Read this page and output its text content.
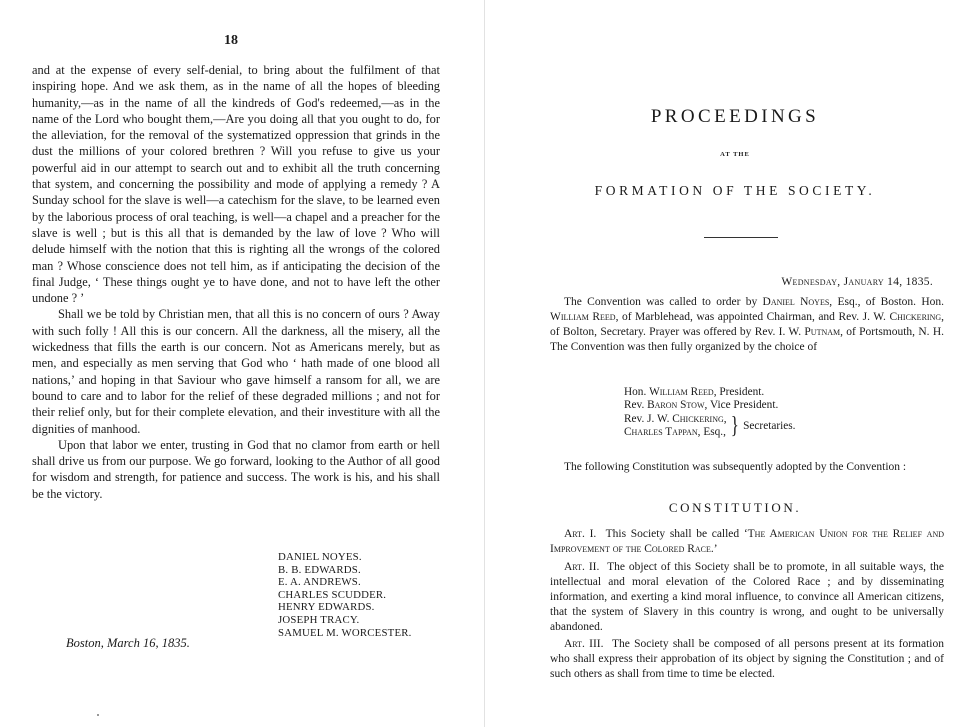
18

and at the expense of every self-denial, to bring about the fulfilment of that inspiring hope. And we ask them, as in the name of all the hopes of bleeding humanity,—as in the name of all the kindreds of God's redeemed,—as in the name of the Lord who bought them,—Are you doing all that you ought to do, for the alleviation, for the removal of the systematized oppression that grinds in the dust the millions of your colored brethren ? Will you refuse to give us your powerful aid in our attempt to search out and to exhibit all the truth concerning that system, and concerning the possibility and mode of applying a remedy ? A Sunday school for the slave is well—a catechism for the slave, to be learned even by the laborious process of oral teaching, is well—a chapel and a preacher for the slave is well ; but is this all that is demanded by the law of love ? Who will delude himself with the notion that this is righting all the wrongs of the colored man ? Whose conscience does not tell him, as if anticipating the decision of the final Judge, ‘ These things ought ye to have done, and not to have left the other undone ? ’

Shall we be told by Christian men, that all this is no concern of ours ? Away with such folly ! All this is our concern. All the darkness, all the misery, all the wickedness that fills the earth is our concern. Not as Americans merely, but as men, and especially as men serving that God who ‘ hath made of one blood all nations,’ and hoping in that Saviour who gave himself a ransom for all, we are bound to care and to labor for the relief of these degraded millions ; and not for their relief only, but for their complete elevation, and their investiture with all the dignities of manhood.

Upon that labor we enter, trusting in God that no clamor from earth or hell shall drive us from our purpose. We go forward, looking to the Author of all good for wisdom and strength, for patience and success. The work is his, and his shall be the victory.

DANIEL NOYES.
B. B. EDWARDS.
E. A. ANDREWS.
CHARLES SCUDDER.
HENRY EDWARDS.
JOSEPH TRACY.
SAMUEL M. WORCESTER.
Boston, March 16, 1835.
PROCEEDINGS
AT THE
FORMATION OF THE SOCIETY.
Wednesday, January 14, 1835.

The Convention was called to order by Daniel Noyes, Esq., of Boston. Hon. William Reed, of Marblehead, was appointed Chairman, and Rev. J. W. Chickering, of Bolton, Secretary. Prayer was offered by Rev. I. W. Putnam, of Portsmouth, N. H. The Convention was then fully organized by the choice of

Hon. William Reed, President.
Rev. Baron Stow, Vice President.
Rev. J. W. Chickering,
Charles Tappan, Esq., } Secretaries.

The following Constitution was subsequently adopted by the Convention :

CONSTITUTION.

Art. I. This Society shall be called ‘The American Union for the Relief and Improvement of the Colored Race.’

Art. II. The object of this Society shall be to promote, in all suitable ways, the intellectual and moral elevation of the Colored Race ; and by disseminating information, and exerting a kind moral influence, to convince all American citizens, that the system of Slavery in this country is wrong, and ought to be universally abandoned.

Art. III. The Society shall be composed of all persons present at its formation who shall express their approbation of its object by signing the Constitution ; and of such others as shall from time to time be elected.
